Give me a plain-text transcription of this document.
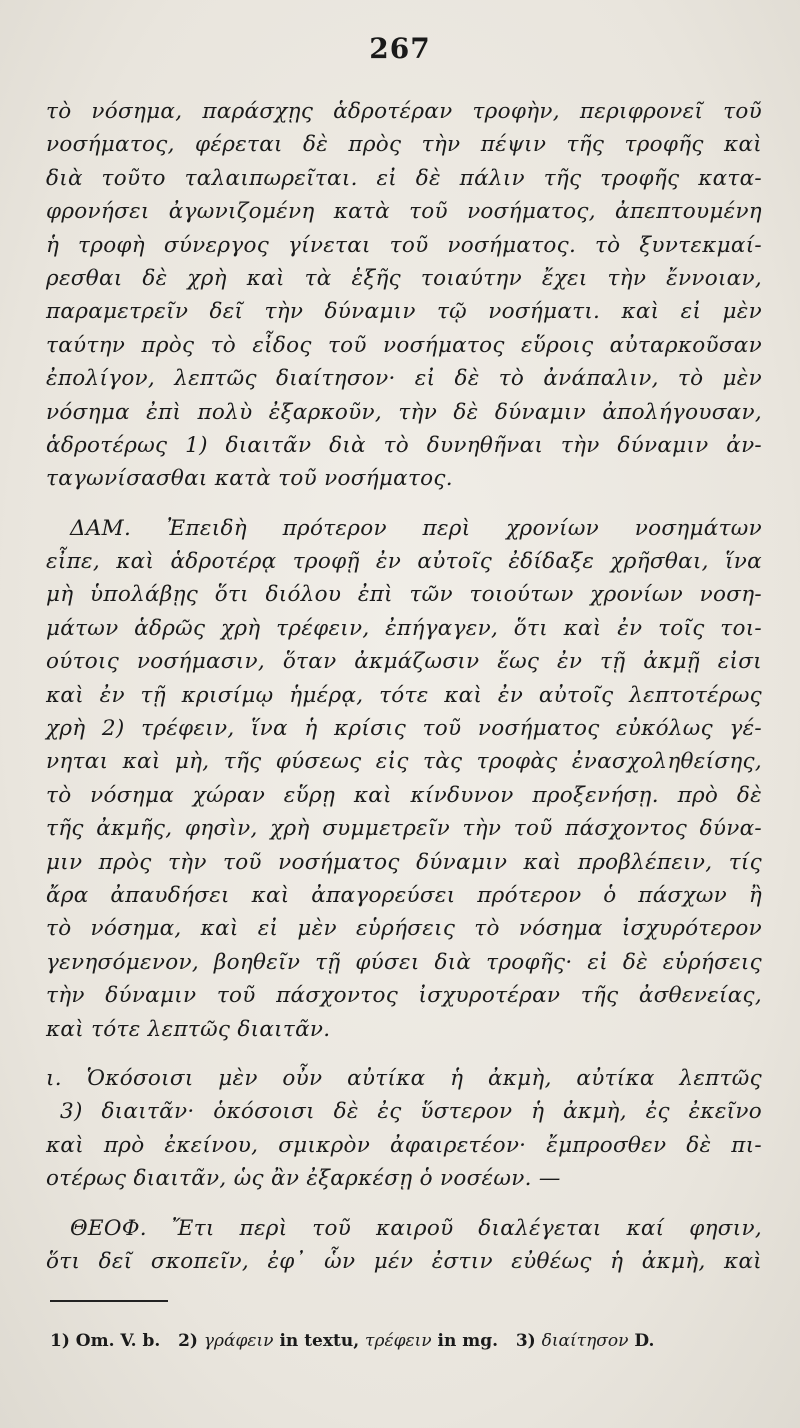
267
τὸ νόσημα, παράσχῃς ἁδροτέραν τροφὴν, περιφρονεῖ τοῦ
νοσήματος, φέρεται δὲ πρὸς τὴν πέψιν τῆς τροφῆς καὶ
διὰ τοῦτο ταλαιπωρεῖται. εἰ δὲ πάλιν τῆς τροφῆς κατα-
φρονήσει ἀγωνιζομένη κατὰ τοῦ νοσήματος, ἀπεπτουμένη
ἡ τροφὴ σύνεργος γίνεται τοῦ νοσήματος. τὸ ξυντεκμαί-
ρεσθαι δὲ χρὴ καὶ τὰ ἑξῆς τοιαύτην ἔχει τὴν ἔννοιαν,
παραμετρεῖν δεῖ τὴν δύναμιν τῷ νοσήματι. καὶ εἰ μὲν
ταύτην πρὸς τὸ εἶδος τοῦ νοσήματος εὕροις αὐταρκοῦσαν
ἐπολίγον, λεπτῶς διαίτησον· εἰ δὲ τὸ ἀνάπαλιν, τὸ μὲν
νόσημα ἐπὶ πολὺ ἐξαρκοῦν, τὴν δὲ δύναμιν ἀπολήγουσαν,
ἁδροτέρως 1) διαιτᾶν διὰ τὸ δυνηθῆναι τὴν δύναμιν ἀν-
ταγωνίσασθαι κατὰ τοῦ νοσήματος.
ΔΑΜ. Ἐπειδὴ πρότερον περὶ χρονίων νοσημάτων
εἶπε, καὶ ἁδροτέρᾳ τροφῇ ἐν αὐτοῖς ἐδίδαξε χρῆσθαι, ἵνα
μὴ ὑπολάβῃς ὅτι διόλου ἐπὶ τῶν τοιούτων χρονίων νοση-
μάτων ἁδρῶς χρὴ τρέφειν, ἐπήγαγεν, ὅτι καὶ ἐν τοῖς τοι-
ούτοις νοσήμασιν, ὅταν ἀκμάζωσιν ἕως ἐν τῇ ἀκμῇ εἰσι
καὶ ἐν τῇ κρισίμῳ ἡμέρᾳ, τότε καὶ ἐν αὐτοῖς λεπτοτέρως
χρὴ 2) τρέφειν, ἵνα ἡ κρίσις τοῦ νοσήματος εὐκόλως γέ-
νηται καὶ μὴ, τῆς φύσεως εἰς τὰς τροφὰς ἐνασχοληθείσης,
τὸ νόσημα χώραν εὕρῃ καὶ κίνδυνον προξενήσῃ. πρὸ δὲ
τῆς ἀκμῆς, φησὶν, χρὴ συμμετρεῖν τὴν τοῦ πάσχοντος δύνα-
μιν πρὸς τὴν τοῦ νοσήματος δύναμιν καὶ προβλέπειν, τίς
ἄρα ἀπαυδήσει καὶ ἀπαγορεύσει πρότερον ὁ πάσχων ἢ
τὸ νόσημα, καὶ εἰ μὲν εὑρήσεις τὸ νόσημα ἰσχυρότερον
γενησόμενον, βοηθεῖν τῇ φύσει διὰ τροφῆς· εἰ δὲ εὑρήσεις
τὴν δύναμιν τοῦ πάσχοντος ἰσχυροτέραν τῆς ἀσθενείας,
καὶ τότε λεπτῶς διαιτᾶν.
ι. Ὁκόσοισι μὲν οὖν αὐτίκα ἡ ἀκμὴ, αὐτίκα λεπτῶς
3) διαιτᾶν· ὁκόσοισι δὲ ἐς ὕστερον ἡ ἀκμὴ, ἐς ἐκεῖνο
καὶ πρὸ ἐκείνου, σμικρὸν ἀφαιρετέον· ἔμπροσθεν δὲ πι-
οτέρως διαιτᾶν, ὡς ἂν ἐξαρκέσῃ ὁ νοσέων. —
ΘΕΟΦ. Ἔτι περὶ τοῦ καιροῦ διαλέγεται καί φησιν,
ὅτι δεῖ σκοπεῖν, ἐφ᾽ ὧν μέν ἐστιν εὐθέως ἡ ἀκμὴ, καὶ
1) Om. V. b. 2) γράφειν in textu, τρέφειν in mg. 3) διαίτησον D.
